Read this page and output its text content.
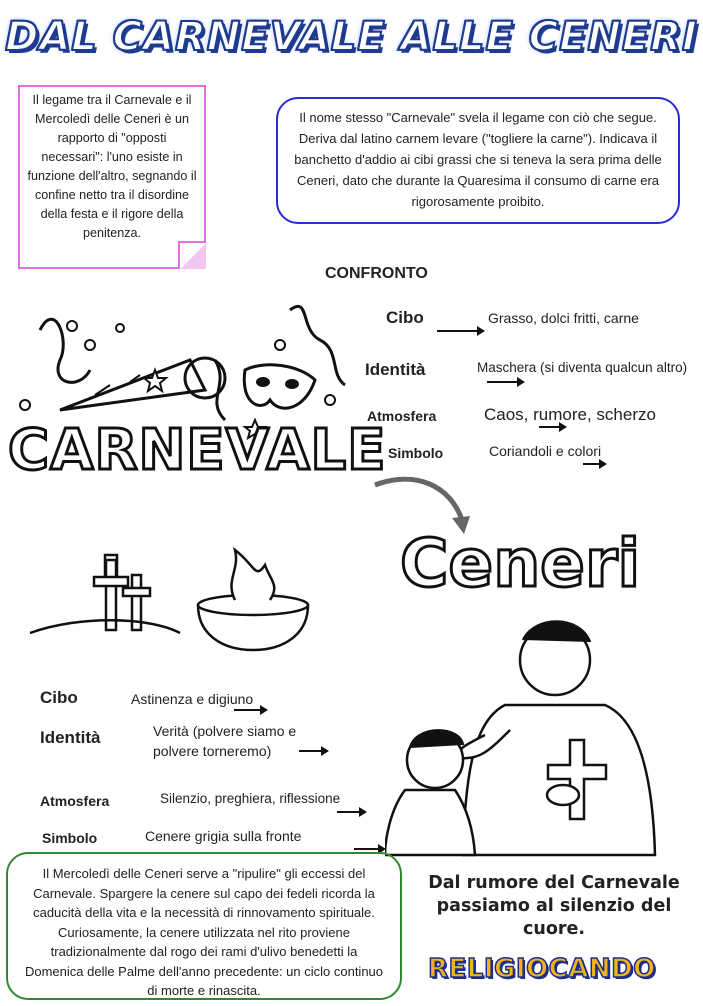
DAL CARNEVALE ALLE CENERI
Il legame tra il Carnevale e il Mercoledì delle Ceneri è un rapporto di "opposti necessari": l'uno esiste in funzione dell'altro, segnando il confine netto tra il disordine della festa e il rigore della penitenza.
Il nome stesso "Carnevale" svela il legame con ciò che segue. Deriva dal latino carnem levare ("togliere la carne"). Indicava il banchetto d'addio ai cibi grassi che si teneva la sera prima delle Ceneri, dato che durante la Quaresima il consumo di carne era rigorosamente proibito.
CONFRONTO
CARNEVALE
Cibo
	Grasso, dolci fritti, carne
Identità
	Maschera (si diventa qualcun altro)
Atmosfera
	Caos, rumore, scherzo
Simbolo
	Coriandoli e colori
Ceneri
Cibo
	Astinenza e digiuno
Identità
	Verità (polvere siamo e polvere torneremo)
Atmosfera
	Silenzio, preghiera, riflessione
Simbolo	Cenere grigia sulla fronte
Il Mercoledì delle Ceneri serve a "ripulire" gli eccessi del Carnevale. Spargere la cenere sul capo dei fedeli ricorda la caducità della vita e la necessità di rinnovamento spirituale. Curiosamente, la cenere utilizzata nel rito proviene tradizionalmente dal rogo dei rami d'ulivo benedetti la Domenica delle Palme dell'anno precedente: un ciclo continuo di morte e rinascita.
Dal rumore del Carnevale
passiamo al silenzio del cuore.
RELIGIOCANDO
